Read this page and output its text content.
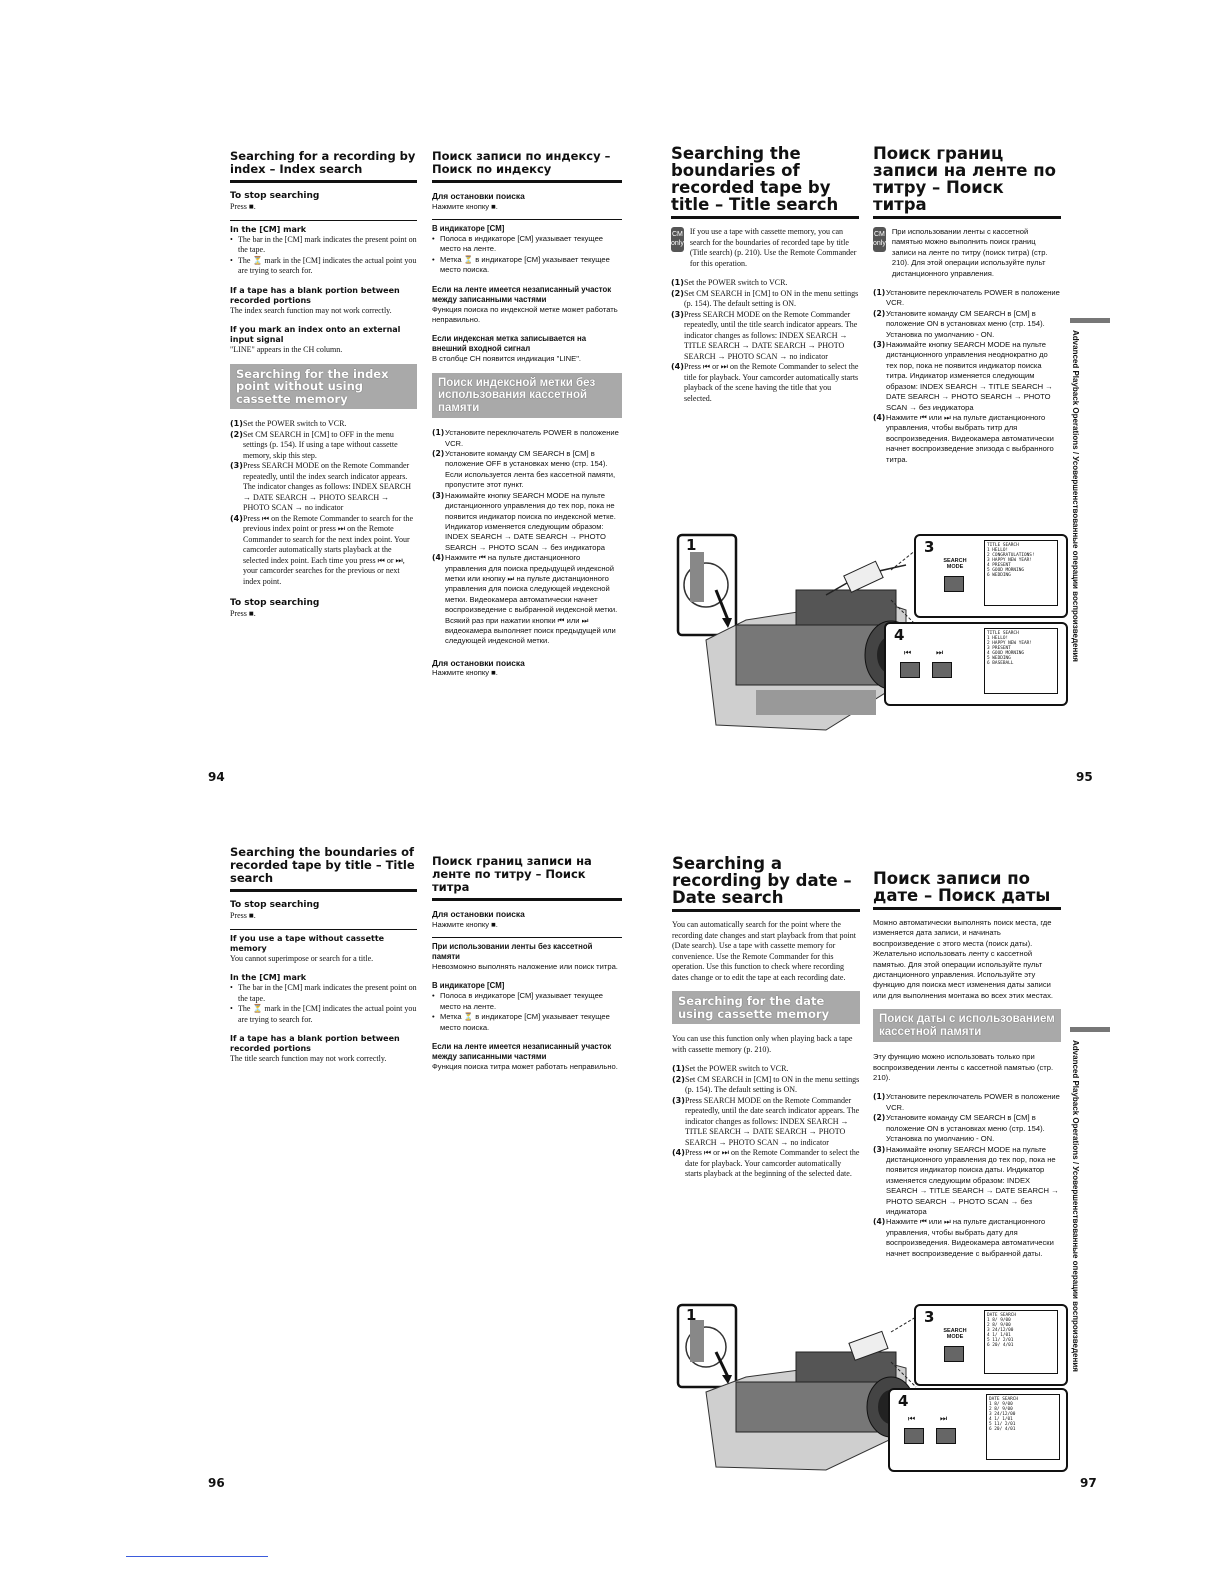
Searching for a recording by index – Index search
To stop searching
Press ■.
In the [CM] mark
• The bar in the [CM] mark indicates the present point on the tape.
• The ⏳ mark in the [CM] indicates the actual point you are trying to search for.
If a tape has a blank portion between recorded portions
The index search function may not work correctly.
If you mark an index onto an external input signal
"LINE" appears in the CH column.
Searching for the index point without using cassette memory
(1) Set the POWER switch to VCR.
(2) Set CM SEARCH in [CM] to OFF in the menu settings (p. 154). If using a tape without cassette memory, skip this step.
(3) Press SEARCH MODE on the Remote Commander repeatedly, until the index search indicator appears. The indicator changes as follows: INDEX SEARCH → DATE SEARCH → PHOTO SEARCH → PHOTO SCAN → no indicator
(4) Press ⏮ on the Remote Commander to search for the previous index point or press ⏭ on the Remote Commander to search for the next index point. Your camcorder automatically starts playback at the selected index point. Each time you press ⏮ or ⏭, your camcorder searches for the previous or next index point.
To stop searching
Press ■.
Поиск записи по индексу – Поиск по индексу
Для остановки поиска
Нажмите кнопку ■.
В индикаторе [CM]
• Полоса в индикаторе [CM] указывает текущее место на ленте.
• Метка ⏳ в индикаторе [CM] указывает текущее место поиска.
Если на ленте имеется незаписанный участок между записанными частями
Функция поиска по индексной метке может работать неправильно.
Если индексная метка записывается на внешний входной сигнал
В столбце CH появится индикация "LINE".
Поиск индексной метки без использования кассетной памяти
(1) Установите переключатель POWER в положение VCR.
(2) Установите команду CM SEARCH в [CM] в положение OFF в установках меню (стр. 154). Если используется лента без кассетной памяти, пропустите этот пункт.
(3) Нажимайте кнопку SEARCH MODE на пульте дистанционного управления до тех пор, пока не появится индикатор поиска по индексной метке. Индикатор изменяется следующим образом: INDEX SEARCH → DATE SEARCH → PHOTO SEARCH → PHOTO SCAN → без индикатора
(4) Нажмите ⏮ на пульте дистанционного управления для поиска предыдущей индексной метки или кнопку ⏭ на пульте дистанционного управления для поиска следующей индексной метки. Видеокамера автоматически начнет воспроизведение с выбранной индексной метки. Всякий раз при нажатии кнопки ⏮ или ⏭ видеокамера выполняет поиск предыдущей или следующей индексной метки.
Для остановки поиска
Нажмите кнопку ■.
94
Searching the boundaries of recorded tape by title – Title search
CM only
If you use a tape with cassette memory, you can search for the boundaries of recorded tape by title (Title search) (p. 210). Use the Remote Commander for this operation.
(1) Set the POWER switch to VCR.
(2) Set CM SEARCH in [CM] to ON in the menu settings (p. 154). The default setting is ON.
(3) Press SEARCH MODE on the Remote Commander repeatedly, until the title search indicator appears. The indicator changes as follows: INDEX SEARCH → TITLE SEARCH → DATE SEARCH → PHOTO SEARCH → PHOTO SCAN → no indicator
(4) Press ⏮ or ⏭ on the Remote Commander to select the title for playback. Your camcorder automatically starts playback of the scene having the title that you selected.
Поиск границ записи на ленте по титру – Поиск титра
CM only
При использовании ленты с кассетной памятью можно выполнить поиск границ записи на ленте по титру (поиск титра) (стр. 210). Для этой операции используйте пульт дистанционного управления.
(1) Установите переключатель POWER в положение VCR.
(2) Установите команду CM SEARCH в [CM] в положение ON в установках меню (стр. 154). Установка по умолчанию - ON.
(3) Нажимайте кнопку SEARCH MODE на пульте дистанционного управления неоднократно до тех пор, пока не появится индикатор поиска титра. Индикатор изменяется следующим образом: INDEX SEARCH → TITLE SEARCH → DATE SEARCH → PHOTO SEARCH → PHOTO SCAN → без индикатора
(4) Нажмите ⏮ или ⏭ на пульте дистанционного управления, чтобы выбрать титр для воспроизведения. Видеокамера автоматически начнет воспроизведение эпизода с выбранного титра.	Advanced Playback Operations / Усовершенствованные операции воспроизведения
1	3
SEARCH MODE
TITLE SEARCH
1 HELLO!
2 CONGRATULATIONS!
3 HAPPY NEW YEAR!
4 PRESENT
5 GOOD MORNING
6 WEDDING
4
⏮	⏭
TITLE SEARCH
1 HELLO!
2 HAPPY NEW YEAR!
3 PRESENT
4 GOOD MORNING
5 WEDDING
6 BASEBALL
95
Searching the boundaries of recorded tape by title – Title search
To stop searching
Press ■.
If you use a tape without cassette memory
You cannot superimpose or search for a title.
In the [CM] mark
• The bar in the [CM] mark indicates the present point on the tape.
• The ⏳ mark in the [CM] indicates the actual point you are trying to search for.
If a tape has a blank portion between recorded portions
The title search function may not work correctly.
Поиск границ записи на ленте по титру – Поиск титра
Для остановки поиска
Нажмите кнопку ■.
При использовании ленты без кассетной памяти
Невозможно выполнять наложение или поиск титра.
В индикаторе [CM]
• Полоса в индикаторе [CM] указывает текущее место на ленте.
• Метка ⏳ в индикаторе [CM] указывает текущее место поиска.
Если на ленте имеется незаписанный участок между записанными частями
Функция поиска титра может работать неправильно.
96
Searching a recording by date – Date search
You can automatically search for the point where the recording date changes and start playback from that point (Date search). Use a tape with cassette memory for convenience. Use the Remote Commander for this operation. Use this function to check where recording dates change or to edit the tape at each recording date.
Searching for the date using cassette memory
You can use this function only when playing back a tape with cassette memory (p. 210).
(1) Set the POWER switch to VCR.
(2) Set CM SEARCH in [CM] to ON in the menu settings (p. 154). The default setting is ON.
(3) Press SEARCH MODE on the Remote Commander repeatedly, until the date search indicator appears. The indicator changes as follows: INDEX SEARCH → TITLE SEARCH → DATE SEARCH → PHOTO SEARCH → PHOTO SCAN → no indicator
(4) Press ⏮ or ⏭ on the Remote Commander to select the date for playback. Your camcorder automatically starts playback at the beginning of the selected date.
Поиск записи по дате – Поиск даты
Можно автоматически выполнять поиск места, где изменяется дата записи, и начинать воспроизведение с этого места (поиск даты). Желательно использовать ленту с кассетной памятью. Для этой операции используйте пульт дистанционного управления. Используйте эту функцию для поиска мест изменения даты записи или для выполнения монтажа во всех этих местах.
Поиск даты с использованием кассетной памяти
Эту функцию можно использовать только при воспроизведении ленты с кассетной памятью (стр. 210).
(1) Установите переключатель POWER в положение VCR.
(2) Установите команду CM SEARCH в [CM] в положение ON в установках меню (стр. 154). Установка по умолчанию - ON.
(3) Нажимайте кнопку SEARCH MODE на пульте дистанционного управления до тех пор, пока не появится индикатор поиска даты. Индикатор изменяется следующим образом: INDEX SEARCH → TITLE SEARCH → DATE SEARCH → PHOTO SEARCH → PHOTO SCAN → без индикатора
(4) Нажмите ⏮ или ⏭ на пульте дистанционного управления, чтобы выбрать дату для воспроизведения. Видеокамера автоматически начнет воспроизведение с выбранной даты.	Advanced Playback Operations / Усовершенствованные операции воспроизведения
1	3
SEARCH MODE
DATE SEARCH
1 8/ 9/00
2 8/ 9/00
3 24/12/00
4 1/ 1/01
5 11/ 2/01
6 20/ 4/01
4
⏮	⏭
DATE SEARCH
1 8/ 9/00
2 8/ 9/00
3 24/12/00
4 1/ 1/01
5 11/ 2/01
6 20/ 4/01
97
